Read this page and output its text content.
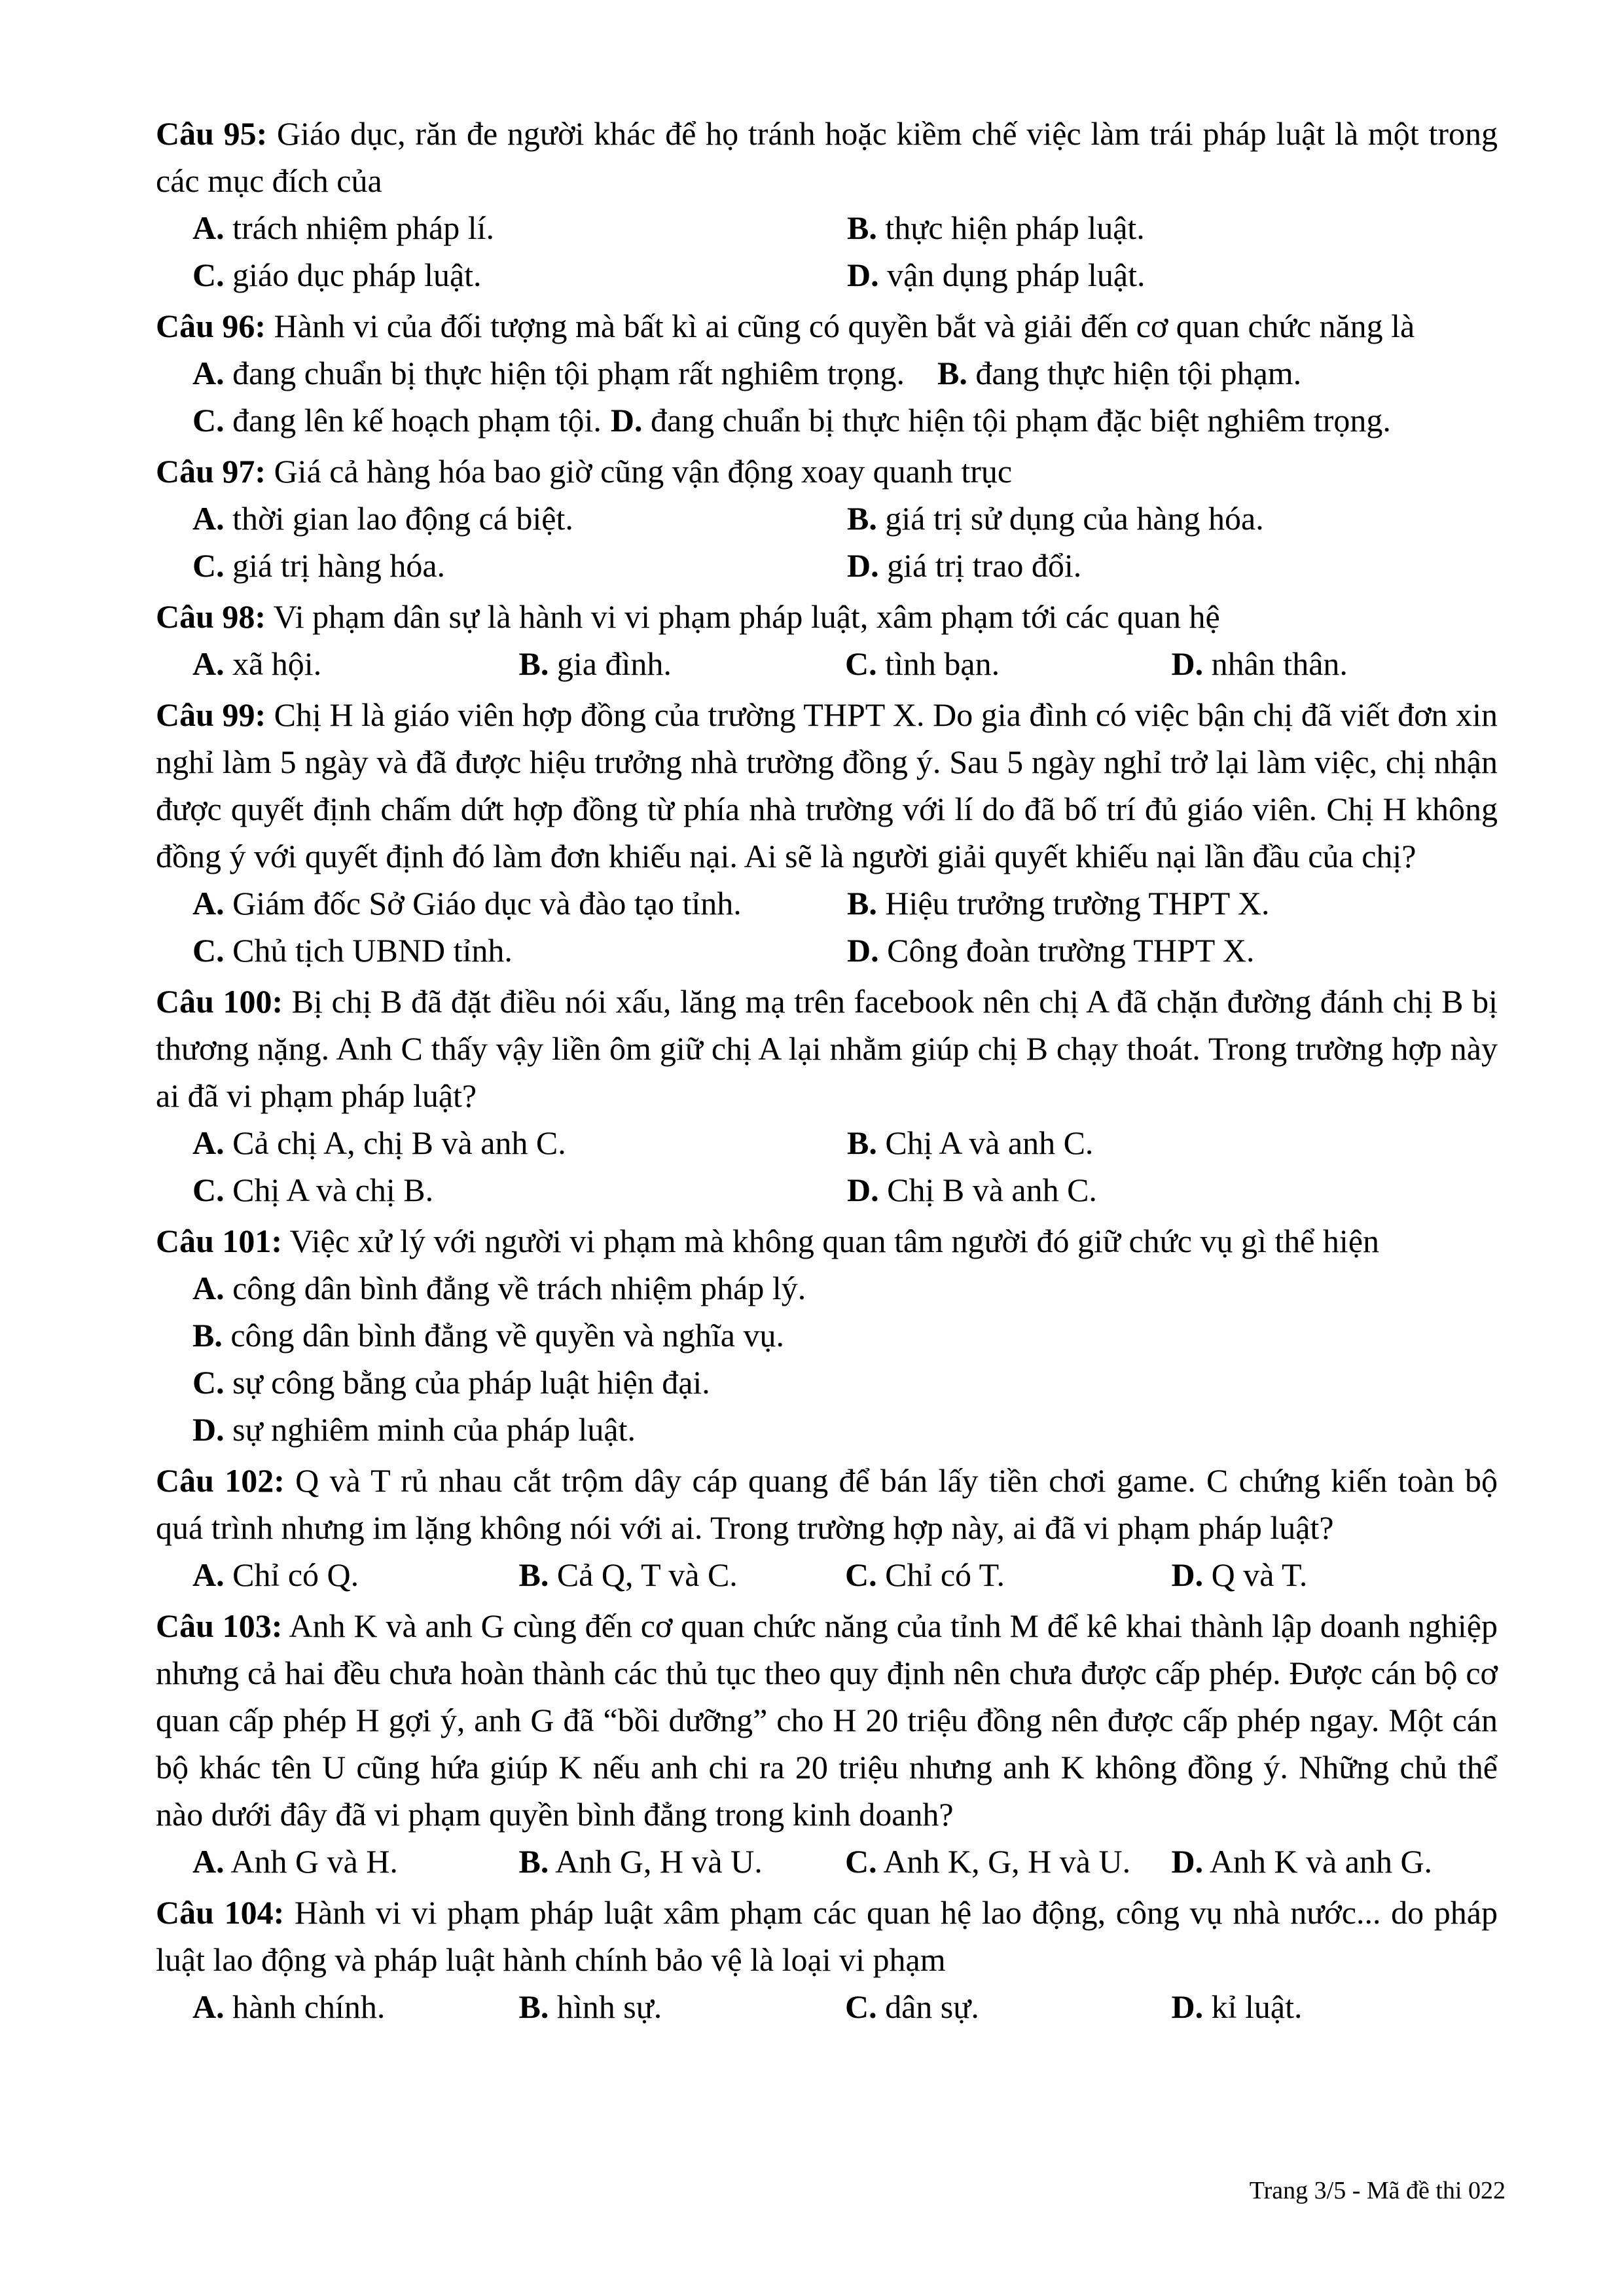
Câu 95: Giáo dục, răn đe người khác để họ tránh hoặc kiềm chế việc làm trái pháp luật là một trong các mục đích của

A. trách nhiệm pháp lí.	B. thực hiện pháp luật.
C. giáo dục pháp luật.	D. vận dụng pháp luật.

Câu 96: Hành vi của đối tượng mà bất kì ai cũng có quyền bắt và giải đến cơ quan chức năng là

A. đang chuẩn bị thực hiện tội phạm rất nghiêm trọng. B. đang thực hiện tội phạm.
C. đang lên kế hoạch phạm tội. D. đang chuẩn bị thực hiện tội phạm đặc biệt nghiêm trọng.

Câu 97: Giá cả hàng hóa bao giờ cũng vận động xoay quanh trục

A. thời gian lao động cá biệt.	B. giá trị sử dụng của hàng hóa.
C. giá trị hàng hóa.	D. giá trị trao đổi.

Câu 98: Vi phạm dân sự là hành vi vi phạm pháp luật, xâm phạm tới các quan hệ

A. xã hội.	B. gia đình.	C. tình bạn.	D. nhân thân.

Câu 99: Chị H là giáo viên hợp đồng của trường THPT X. Do gia đình có việc bận chị đã viết đơn xin nghỉ làm 5 ngày và đã được hiệu trưởng nhà trường đồng ý. Sau 5 ngày nghỉ trở lại làm việc, chị nhận được quyết định chấm dứt hợp đồng từ phía nhà trường với lí do đã bố trí đủ giáo viên. Chị H không đồng ý với quyết định đó làm đơn khiếu nại. Ai sẽ là người giải quyết khiếu nại lần đầu của chị?

A. Giám đốc Sở Giáo dục và đào tạo tỉnh.	B. Hiệu trưởng trường THPT X.
C. Chủ tịch UBND tỉnh.	D. Công đoàn trường THPT X.

Câu 100: Bị chị B đã đặt điều nói xấu, lăng mạ trên facebook nên chị A đã chặn đường đánh chị B bị thương nặng. Anh C thấy vậy liền ôm giữ chị A lại nhằm giúp chị B chạy thoát. Trong trường hợp này ai đã vi phạm pháp luật?

A. Cả chị A, chị B và anh C.	B. Chị A và anh C.
C. Chị A và chị B.	D. Chị B và anh C.

Câu 101: Việc xử lý với người vi phạm mà không quan tâm người đó giữ chức vụ gì thể hiện

A. công dân bình đẳng về trách nhiệm pháp lý.
B. công dân bình đẳng về quyền và nghĩa vụ.
C. sự công bằng của pháp luật hiện đại.
D. sự nghiêm minh của pháp luật.

Câu 102: Q và T rủ nhau cắt trộm dây cáp quang để bán lấy tiền chơi game. C chứng kiến toàn bộ quá trình nhưng im lặng không nói với ai. Trong trường hợp này, ai đã vi phạm pháp luật?

A. Chỉ có Q.	B. Cả Q, T và C.	C. Chỉ có T.	D. Q và T.

Câu 103: Anh K và anh G cùng đến cơ quan chức năng của tỉnh M để kê khai thành lập doanh nghiệp nhưng cả hai đều chưa hoàn thành các thủ tục theo quy định nên chưa được cấp phép. Được cán bộ cơ quan cấp phép H gợi ý, anh G đã “bồi dưỡng” cho H 20 triệu đồng nên được cấp phép ngay. Một cán bộ khác tên U cũng hứa giúp K nếu anh chi ra 20 triệu nhưng anh K không đồng ý. Những chủ thể nào dưới đây đã vi phạm quyền bình đẳng trong kinh doanh?

A. Anh G và H.	B. Anh G, H và U.	C. Anh K, G, H và U.	D. Anh K và anh G.

Câu 104: Hành vi vi phạm pháp luật xâm phạm các quan hệ lao động, công vụ nhà nước... do pháp luật lao động và pháp luật hành chính bảo vệ là loại vi phạm

A. hành chính.	B. hình sự.	C. dân sự.	D. kỉ luật.
Trang 3/5 - Mã đề thi 022
